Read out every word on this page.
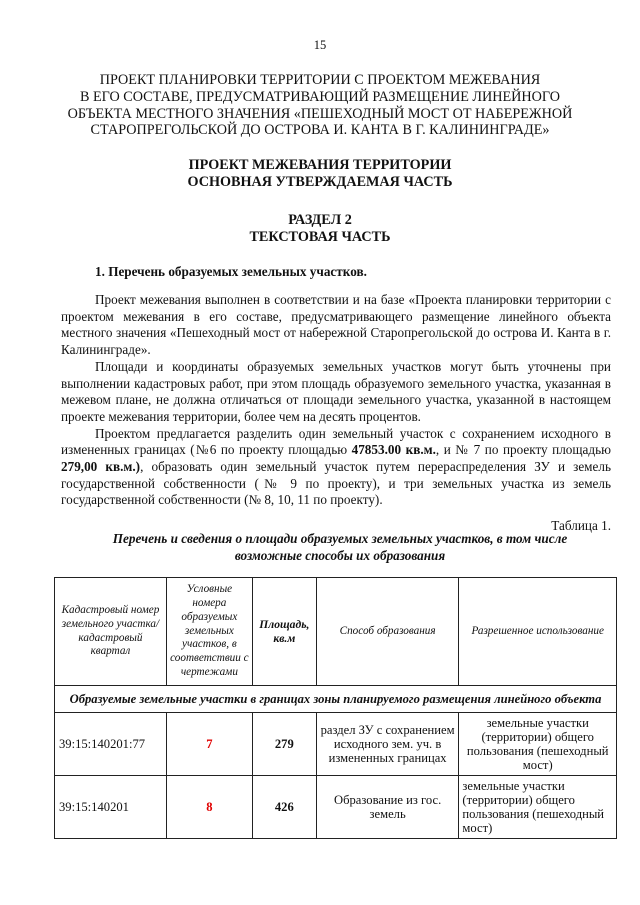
15
ПРОЕКТ ПЛАНИРОВКИ ТЕРРИТОРИИ С ПРОЕКТОМ МЕЖЕВАНИЯ
В ЕГО СОСТАВЕ, ПРЕДУСМАТРИВАЮЩИЙ РАЗМЕЩЕНИЕ ЛИНЕЙНОГО
ОБЪЕКТА МЕСТНОГО ЗНАЧЕНИЯ «ПЕШЕХОДНЫЙ МОСТ ОТ НАБЕРЕЖНОЙ
СТАРОПРЕГОЛЬСКОЙ ДО ОСТРОВА И. КАНТА В Г. КАЛИНИНГРАДЕ»
ПРОЕКТ МЕЖЕВАНИЯ ТЕРРИТОРИИ
ОСНОВНАЯ УТВЕРЖДАЕМАЯ ЧАСТЬ
РАЗДЕЛ 2
ТЕКСТОВАЯ ЧАСТЬ
1. Перечень образуемых земельных участков.

Проект межевания выполнен в соответствии и на базе «Проекта планировки территории с проектом межевания в его составе, предусматривающего размещение линейного объекта местного значения «Пешеходный мост от набережной Старопрегольской до острова И. Канта в г. Калининграде».

Площади и координаты образуемых земельных участков могут быть уточнены при выполнении кадастровых работ, при этом площадь образуемого земельного участка, указанная в межевом плане, не должна отличаться от площади земельного участка, указанной в настоящем проекте межевания территории, более чем на десять процентов.

Проектом предлагается разделить один земельный участок с сохранением исходного в измененных границах (№6 по проекту площадью 47853.00 кв.м., и № 7 по проекту площадью 279,00 кв.м.), образовать один земельный участок путем перераспределения ЗУ и земель государственной собственности (№ 9 по проекту), и три земельных участка из земель государственной собственности (№ 8, 10, 11 по проекту).

Таблица 1.
Перечень и сведения о площади образуемых земельных участков, в том числе
возможные способы их образования
Кадастровый номер земельного участка/ кадастровый квартал	Условные номера образуемых земельных участков, в соответствии с чертежами	Площадь, кв.м	Способ образования	Разрешенное использование
Образуемые земельные участки в границах зоны планируемого размещения линейного объекта				
39:15:140201:77	7	279	раздел ЗУ с сохранением исходного зем. уч. в измененных границах	земельные участки (территории) общего пользования (пешеходный мост)
39:15:140201	8	426	Образование из гос. земель	земельные участки (территории) общего пользования (пешеходный мост)
